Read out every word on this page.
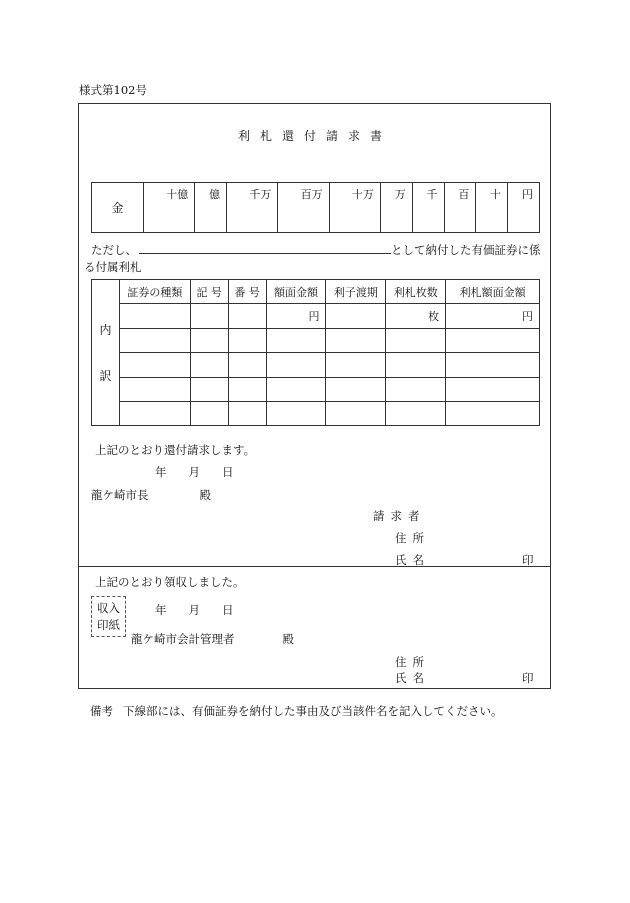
様式第102号
利札還付請求書
金	十億	億	千万	百万	十万	万	千	百	十	円
ただし、	として納付した有価証券に係
る付属利札
内
訳	証券の種類	記 号	番 号	額面金額	利子渡期	利札枚数	利札額面金額
				円		枚	円

上記のとおり還付請求します。
年 月 日
龍ケ崎市長	殿
請求者
住所
氏名	印
上記のとおり領収しました。
収入
印紙
年 月 日
龍ケ崎市会計管理者	殿
住所
氏名	印
備考 下線部には、有価証券を納付した事由及び当該件名を記入してください。
